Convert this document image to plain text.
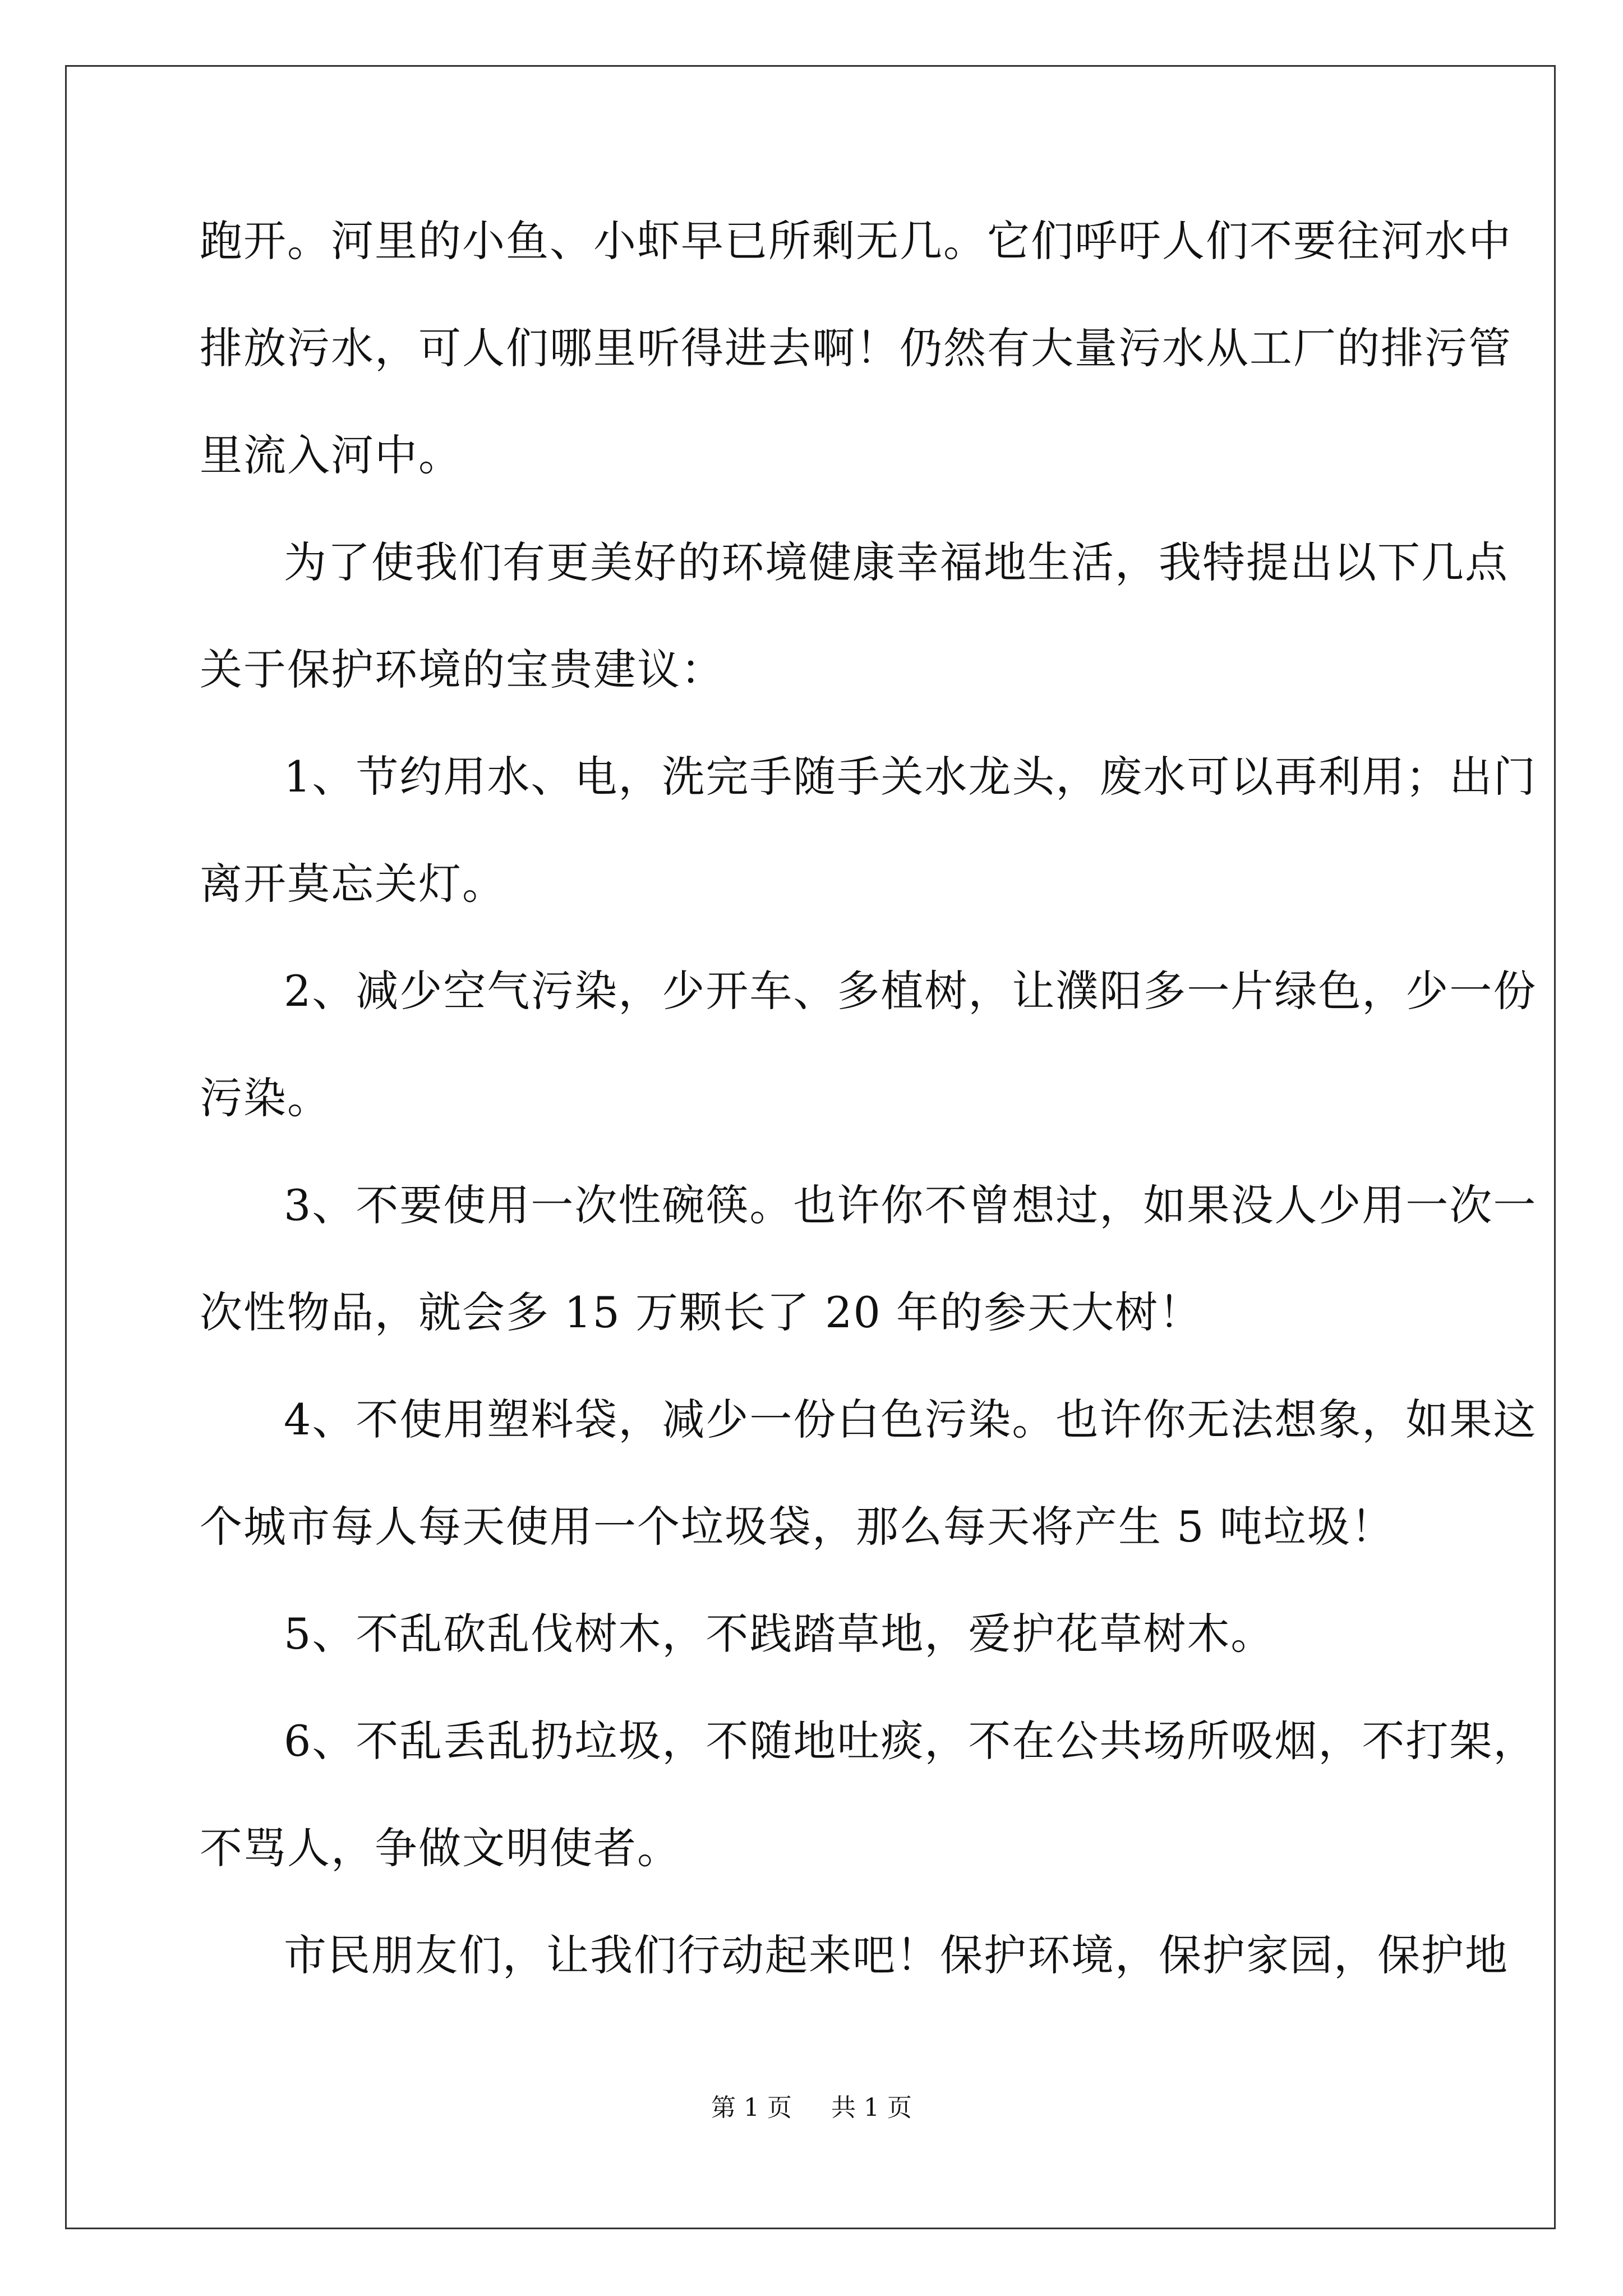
跑开。河里的小鱼、小虾早已所剩无几。它们呼吁人们不要往河水中
排放污水，可人们哪里听得进去啊！仍然有大量污水从工厂的排污管
里流入河中。
为了使我们有更美好的环境健康幸福地生活，我特提出以下几点
关于保护环境的宝贵建议：
1、节约用水、电，洗完手随手关水龙头，废水可以再利用；出门
离开莫忘关灯。
2、减少空气污染，少开车、多植树，让濮阳多一片绿色，少一份
污染。
3、不要使用一次性碗筷。也许你不曾想过，如果没人少用一次一
次性物品，就会多 15 万颗长了 20 年的参天大树！
4、不使用塑料袋，减少一份白色污染。也许你无法想象，如果这
个城市每人每天使用一个垃圾袋，那么每天将产生 5 吨垃圾！
5、不乱砍乱伐树木，不践踏草地，爱护花草树木。
6、不乱丢乱扔垃圾，不随地吐痰，不在公共场所吸烟，不打架，
不骂人，争做文明使者。
市民朋友们，让我们行动起来吧！保护环境，保护家园，保护地
第 1 页 共 1 页
